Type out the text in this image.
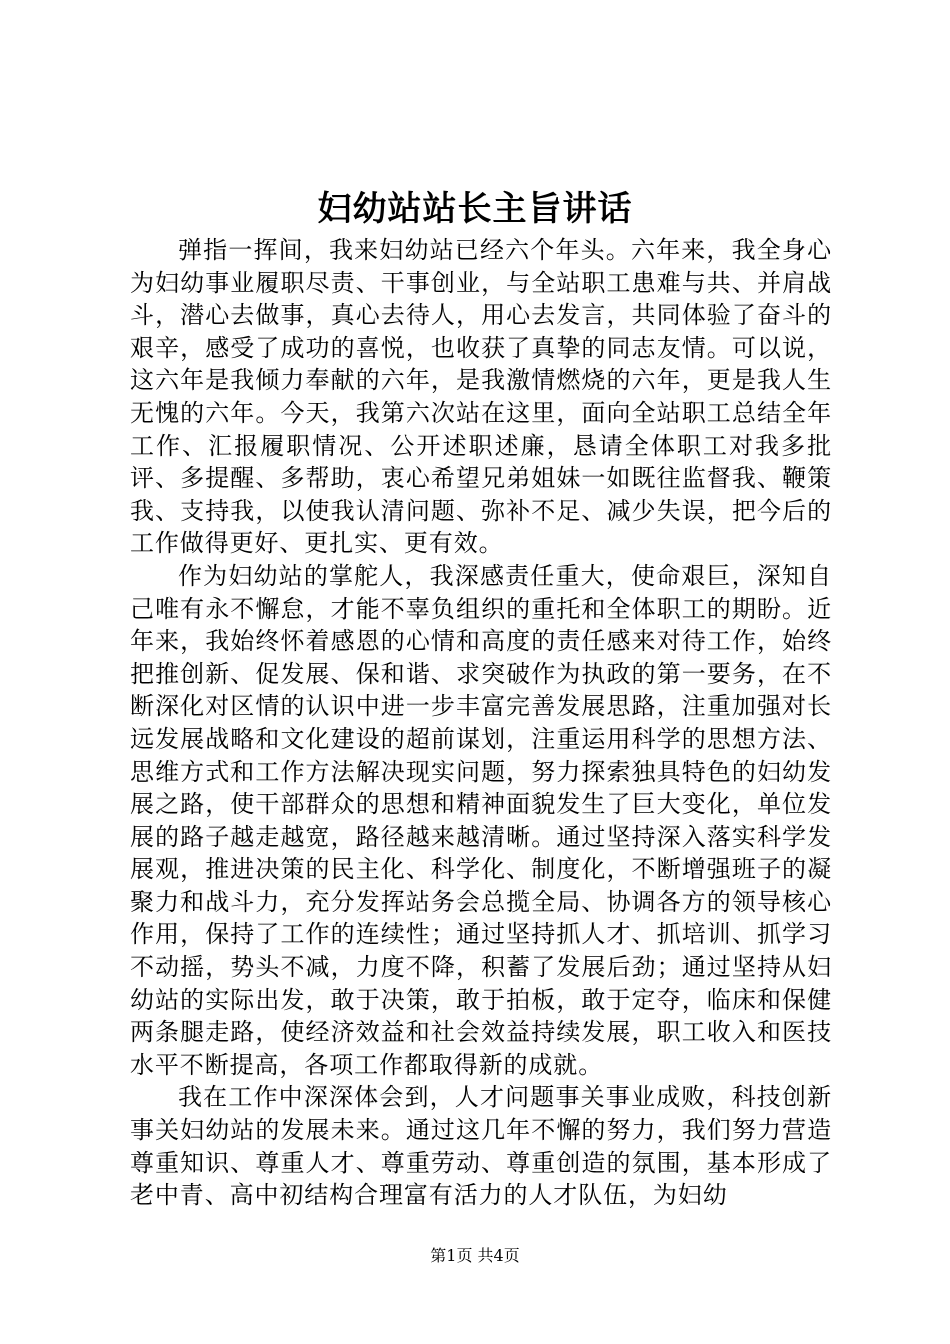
妇幼站站长主旨讲话

弹指一挥间，我来妇幼站已经六个年头。六年来，我全身心为妇幼事业履职尽责、干事创业，与全站职工患难与共、并肩战斗，潜心去做事，真心去待人，用心去发言，共同体验了奋斗的艰辛，感受了成功的喜悦，也收获了真挚的同志友情。可以说，这六年是我倾力奉献的六年，是我激情燃烧的六年，更是我人生无愧的六年。今天，我第六次站在这里，面向全站职工总结全年工作、汇报履职情况、公开述职述廉，恳请全体职工对我多批评、多提醒、多帮助，衷心希望兄弟姐妹一如既往监督我、鞭策我、支持我，以使我认清问题、弥补不足、减少失误，把今后的工作做得更好、更扎实、更有效。

作为妇幼站的掌舵人，我深感责任重大，使命艰巨，深知自己唯有永不懈怠，才能不辜负组织的重托和全体职工的期盼。近年来，我始终怀着感恩的心情和高度的责任感来对待工作，始终把推创新、促发展、保和谐、求突破作为执政的第一要务，在不断深化对区情的认识中进一步丰富完善发展思路，注重加强对长远发展战略和文化建设的超前谋划，注重运用科学的思想方法、思维方式和工作方法解决现实问题，努力探索独具特色的妇幼发展之路，使干部群众的思想和精神面貌发生了巨大变化，单位发展的路子越走越宽，路径越来越清晰。通过坚持深入落实科学发展观，推进决策的民主化、科学化、制度化，不断增强班子的凝聚力和战斗力，充分发挥站务会总揽全局、协调各方的领导核心作用，保持了工作的连续性；通过坚持抓人才、抓培训、抓学习不动摇，势头不减，力度不降，积蓄了发展后劲；通过坚持从妇幼站的实际出发，敢于决策，敢于拍板，敢于定夺，临床和保健两条腿走路，使经济效益和社会效益持续发展，职工收入和医技水平不断提高，各项工作都取得新的成就。

我在工作中深深体会到，人才问题事关事业成败，科技创新事关妇幼站的发展未来。通过这几年不懈的努力，我们努力营造尊重知识、尊重人才、尊重劳动、尊重创造的氛围，基本形成了老中青、高中初结构合理富有活力的人才队伍，为妇幼

第1页 共4页
